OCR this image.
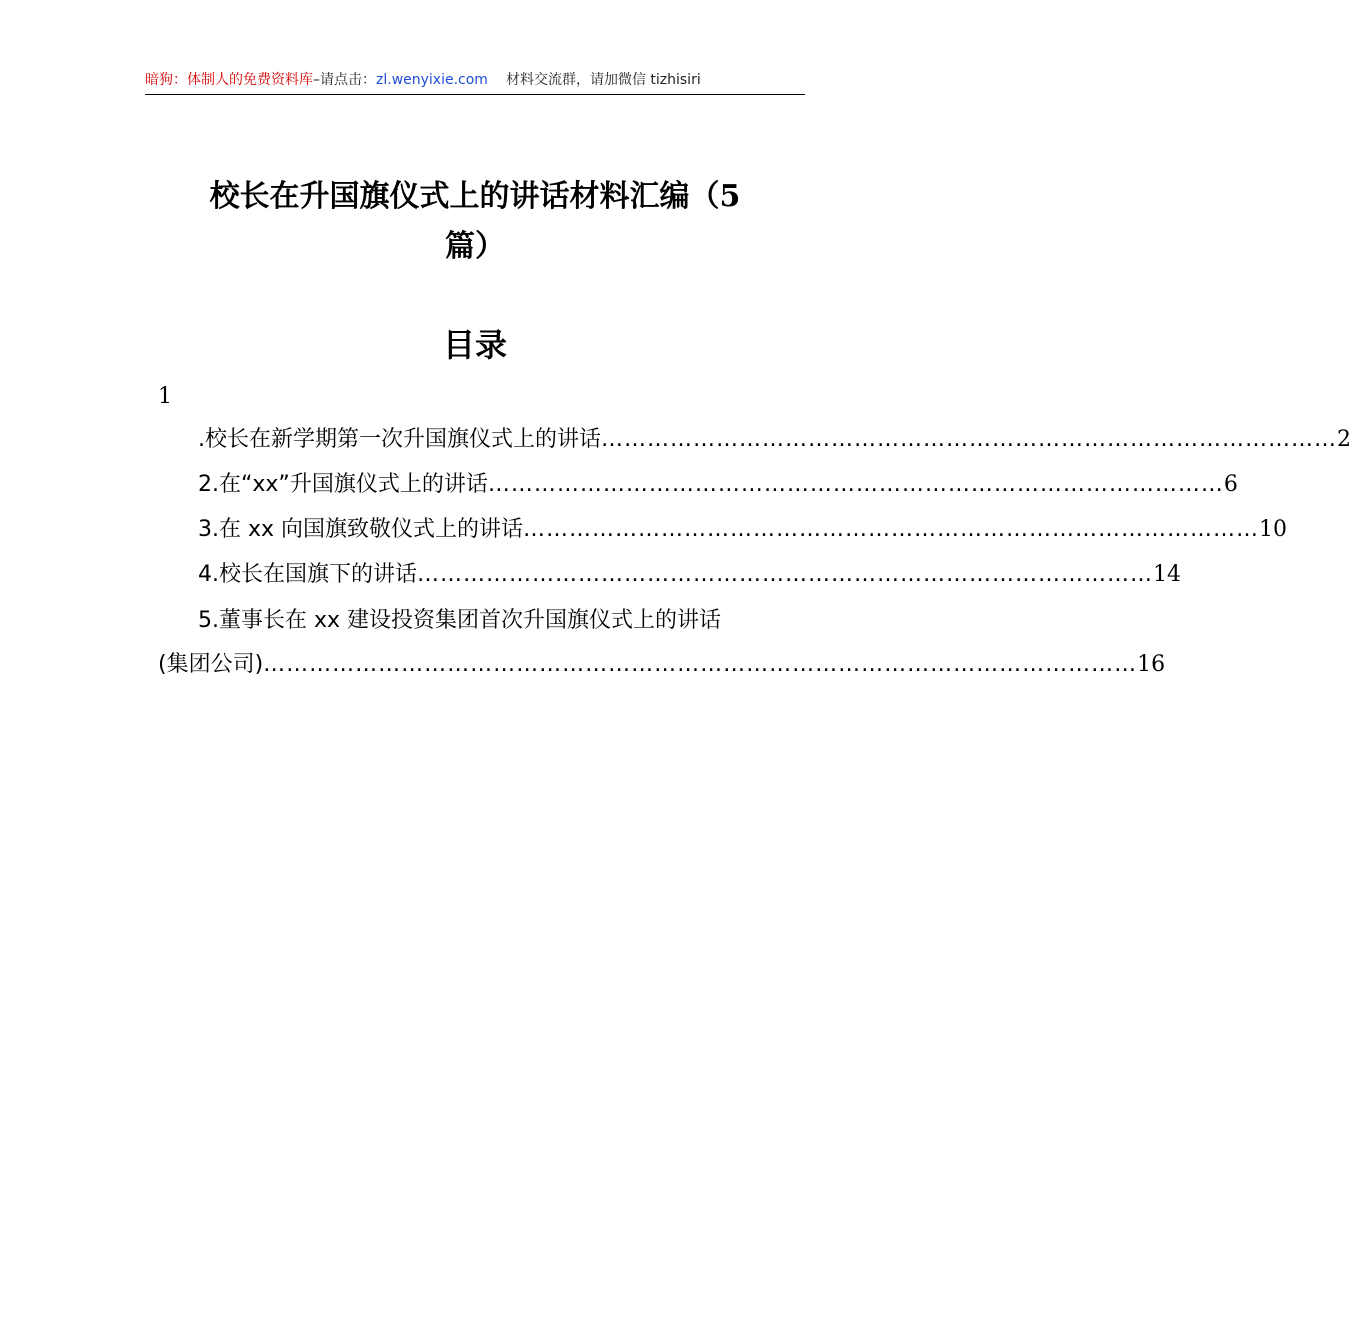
暗狗：体制人的免费资料库–请点击：zl.wenyixie.com 材料交流群，请加微信 tizhisiri
校长在升国旗仪式上的讲话材料汇编（5
篇）
目录
1
.校长在新学期第一次升国旗仪式上的讲话 …………………………………………………………………………………… 2
2.在“xx”升国旗仪式上的讲话 …………………………………………………………………………………… 6
3.在 xx 向国旗致敬仪式上的讲话 …………………………………………………………………………………… 10
4.校长在国旗下的讲话 …………………………………………………………………………………… 14
5.董事长在 xx 建设投资集团首次升国旗仪式上的讲话
(集团公司) …………………………………………………………………………………………………… 16
